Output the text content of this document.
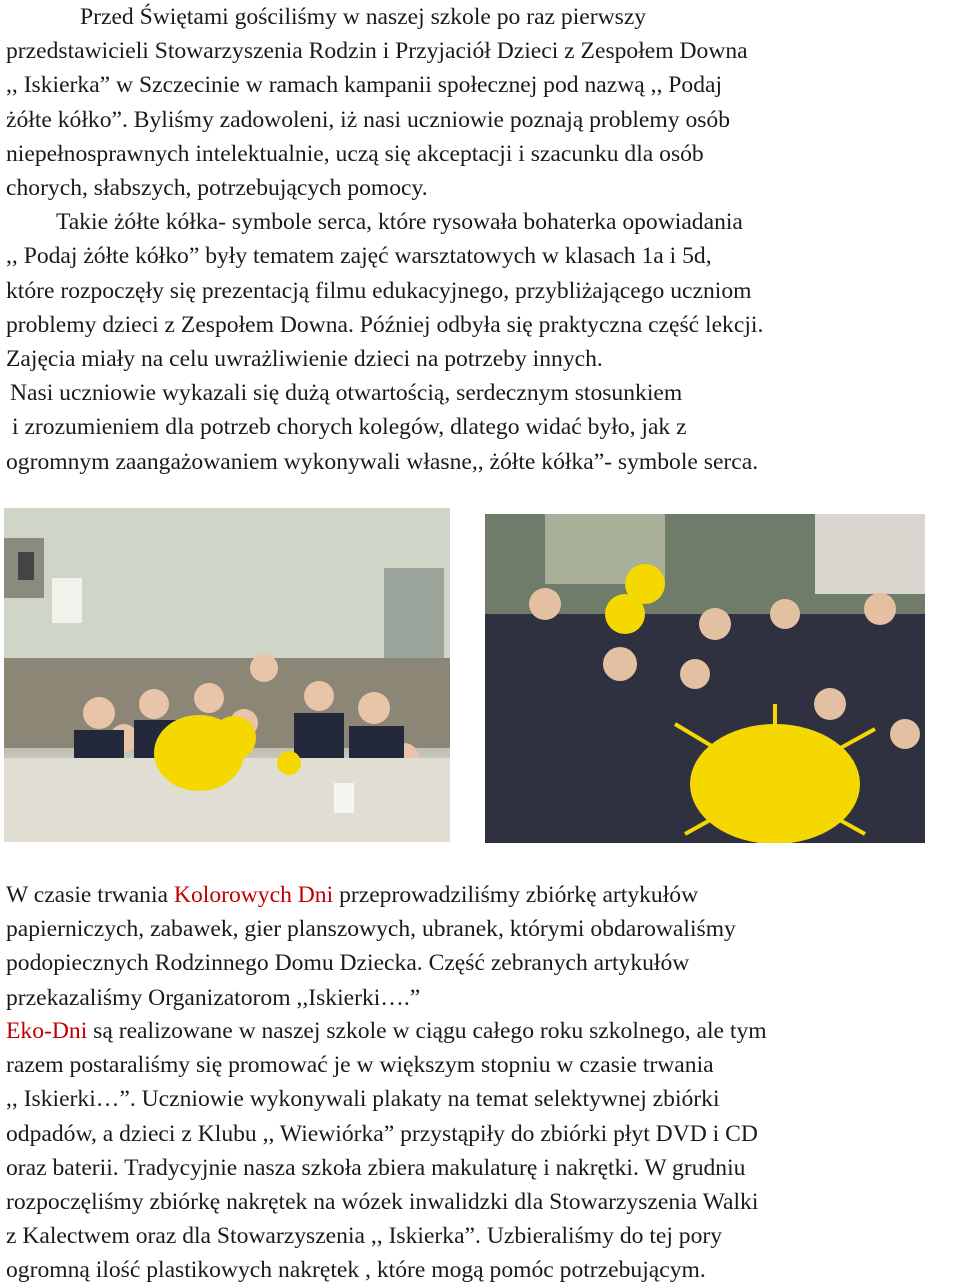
Przed Świętami gościliśmy w naszej szkole po raz pierwszy
przedstawicieli Stowarzyszenia Rodzin i Przyjaciół Dzieci z Zespołem Downa
,, Iskierka” w Szczecinie w ramach kampanii społecznej pod nazwą ,, Podaj
żółte kółko”. Byliśmy zadowoleni, iż nasi uczniowie poznają problemy osób
niepełnosprawnych intelektualnie, uczą się akceptacji i szacunku dla osób
chorych, słabszych, potrzebujących pomocy.
Takie żółte kółka- symbole serca, które rysowała bohaterka opowiadania
,, Podaj żółte kółko” były tematem zajęć warsztatowych w klasach 1a i 5d,
które rozpoczęły się prezentacją filmu edukacyjnego, przybliżającego uczniom
problemy dzieci z Zespołem Downa. Później odbyła się praktyczna część lekcji.
Zajęcia miały na celu uwrażliwienie dzieci na potrzeby innych.
Nasi uczniowie wykazali się dużą otwartością, serdecznym stosunkiem
i zrozumieniem dla potrzeb chorych kolegów, dlatego widać było, jak z
ogromnym zaangażowaniem wykonywali własne,, żółte kółka”- symbole serca.
W czasie trwania Kolorowych Dni przeprowadziliśmy zbiórkę artykułów
papierniczych, zabawek, gier planszowych, ubranek, którymi obdarowaliśmy
podopiecznych Rodzinnego Domu Dziecka. Część zebranych artykułów
przekazaliśmy Organizatorom ,,Iskierki….”
Eko-Dni są realizowane w naszej szkole w ciągu całego roku szkolnego, ale tym
razem postaraliśmy się promować je w większym stopniu w czasie trwania
,, Iskierki…”. Uczniowie wykonywali plakaty na temat selektywnej zbiórki
odpadów, a dzieci z Klubu ,, Wiewiórka” przystąpiły do zbiórki płyt DVD i CD
oraz baterii. Tradycyjnie nasza szkoła zbiera makulaturę i nakrętki. W grudniu
rozpoczęliśmy zbiórkę nakrętek na wózek inwalidzki dla Stowarzyszenia Walki
z Kalectwem oraz dla Stowarzyszenia ,, Iskierka”. Uzbieraliśmy do tej pory
ogromną ilość plastikowych nakrętek , które mogą pomóc potrzebującym.
